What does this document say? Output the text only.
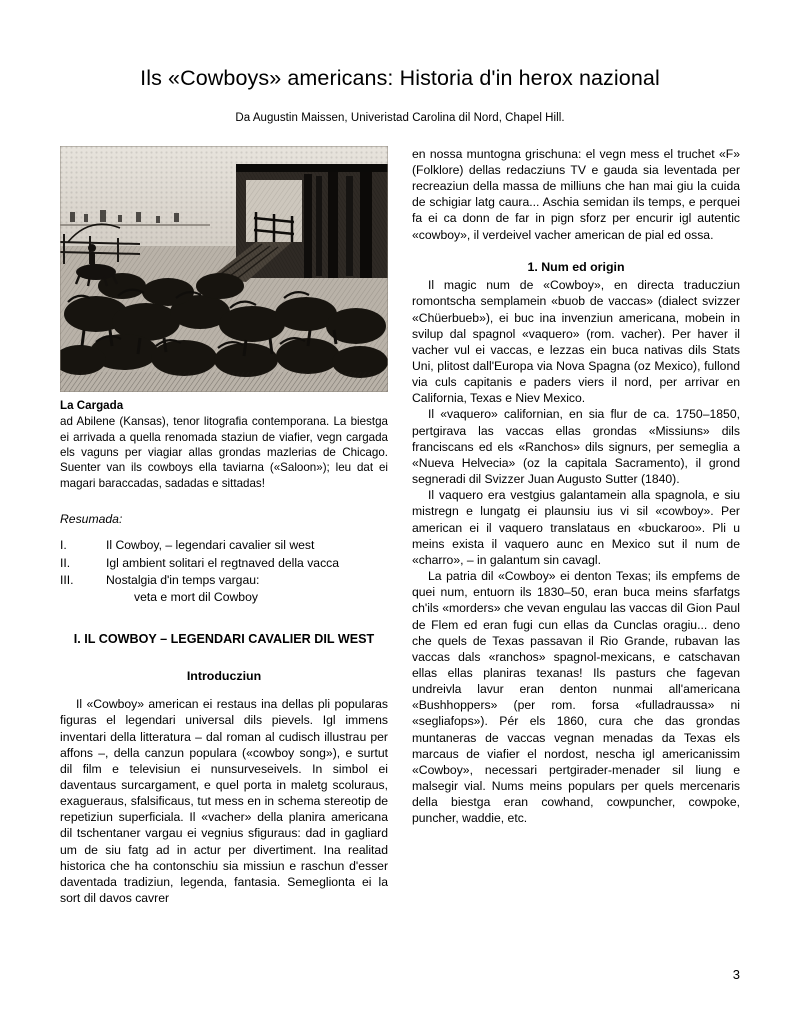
Ils «Cowboys» americans: Historia d'in herox nazional
Da Augustin Maissen, Univeristad Carolina dil Nord, Chapel Hill.
La Cargada
ad Abilene (Kansas), tenor litografia contemporana. La biestga ei arrivada a quella renomada staziun de viafier, vegn cargada els vaguns per viagiar allas grondas mazlerias de Chicago. Suenter van ils cowboys ella taviarna («Saloon»); leu dat ei magari baraccadas, sadadas e sittadas!
Resumada:
I.	Il Cowboy, – legendari cavalier sil west
II.	Igl ambient solitari el regtnaved della vacca
III.	Nostalgia d'in temps vargau:
veta e mort dil Cowboy
I. IL COWBOY – LEGENDARI CAVALIER DIL WEST
Introducziun

Il «Cowboy» american ei restaus ina dellas pli popularas figuras el legendari universal dils pievels. Igl immens inventari della litteratura – dal roman al cudisch illustrau per affons –, della canzun populara («cowboy song»), e surtut dil film e televisiun ei nunsurveseivels. In simbol ei daventaus surcargament, e quel porta in maletg scoluraus, exagueraus, sfalsificaus, tut mess en in schema stereotip de repetiziun superficiala. Il «vacher» della planira americana dil tschentaner vargau ei vegnius sfiguraus: dad in gagliard um de siu fatg ad in actur per divertiment. Ina realitad historica che ha contonschiu sia missiun e raschun d'esser daventada tradiziun, legenda, fantasia. Semeglionta ei la sort dil davos cavrer

en nossa muntogna grischuna: el vegn mess el truchet «F» (Folklore) dellas redacziuns TV e gauda sia leventada per recreaziun della massa de milliuns che han mai giu la cuida de schigiar latg caura... Aschia semidan ils temps, e perquei fa ei ca donn de far in pign sforz per encurir igl autentic «cowboy», il verdeivel vacher american de pial ed ossa.

1. Num ed origin

Il magic num de «Cowboy», en directa traducziun romontscha semplamein «buob de vaccas» (dialect svizzer «Chüerbueb»), ei buc ina invenziun americana, mobein in svilup dal spagnol «vaquero» (rom. vacher). Per haver il vacher vul ei vaccas, e lezzas ein buca nativas dils Stats Uni, plitost dall'Europa via Nova Spagna (oz Mexico), fullond via culs capitanis e paders viers il nord, per arrivar en California, Texas e Niev Mexico.

Il «vaquero» californian, en sia flur de ca. 1750–1850, pertgirava las vaccas ellas grondas «Missiuns» dils franciscans ed els «Ranchos» dils signurs, per semeglia a «Nueva Helvecia» (oz la capitala Sacramento), il grond segneradi dil Svizzer Juan Augusto Sutter (1840).

Il vaquero era vestgius galantamein alla spagnola, e siu mistregn e lungatg ei plaunsiu ius vi sil «cowboy». Per american ei il vaquero translataus en «buckaroo». Pli u meins exista il vaquero aunc en Mexico sut il num de «charro», – in galantum sin cavagl.

La patria dil «Cowboy» ei denton Texas; ils empfems de quei num, entuorn ils 1830–50, eran buca meins sfarfatgs ch'ils «morders» che vevan engulau las vaccas dil Gion Paul de Flem ed eran fugi cun ellas da Cunclas oragiu... deno che quels de Texas passavan il Rio Grande, rubavan las vaccas dals «ranchos» spagnol-mexicans, e catschavan ellas ellas planiras texanas! Ils pasturs che fagevan undreivla lavur eran denton nunmai all'americana «Bushhoppers» (per rom. forsa «fulladraussa» ni «segliafops»). Pér els 1860, cura che das grondas muntaneras de vaccas vegnan menadas da Texas els marcaus de viafier el nordost, nescha igl americanissim «Cowboy», necessari pertgirader-menader sil liung e malsegir vial. Nums meins populars per quels mercenaris della biestga eran cowhand, cowpuncher, cowpoke, puncher, waddie, etc.

3
